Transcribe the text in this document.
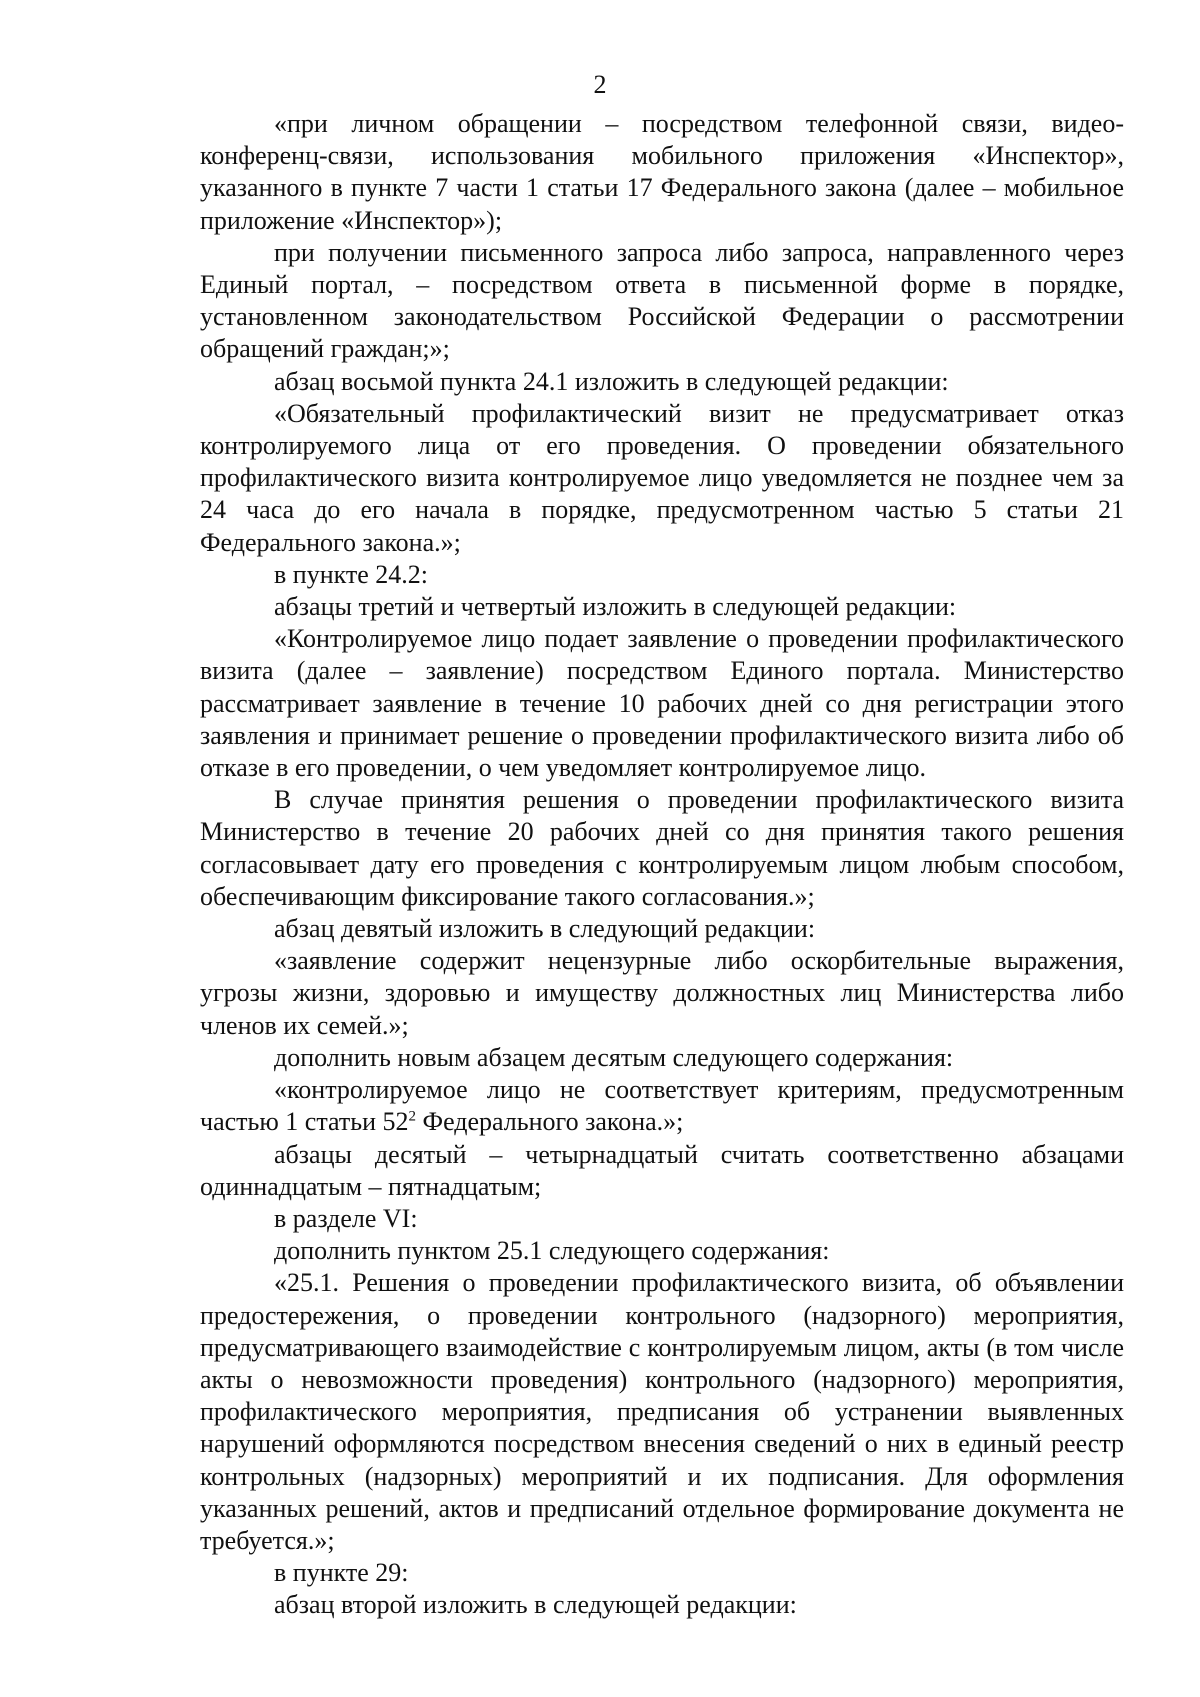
2

«при личном обращении – посредством телефонной связи, видео-конференц-связи, использования мобильного приложения «Инспектор», указанного в пункте 7 части 1 статьи 17 Федерального закона (далее – мобильное приложение «Инспектор»);

при получении письменного запроса либо запроса, направленного через Единый портал, – посредством ответа в письменной форме в порядке, установленном законодательством Российской Федерации о рассмотрении обращений граждан;»;

абзац восьмой пункта 24.1 изложить в следующей редакции:

«Обязательный профилактический визит не предусматривает отказ контролируемого лица от его проведения. О проведении обязательного профилактического визита контролируемое лицо уведомляется не позднее чем за 24 часа до его начала в порядке, предусмотренном частью 5 статьи 21 Федерального закона.»;

в пункте 24.2:

абзацы третий и четвертый изложить в следующей редакции:

«Контролируемое лицо подает заявление о проведении профилактического визита (далее – заявление) посредством Единого портала. Министерство рассматривает заявление в течение 10 рабочих дней со дня регистрации этого заявления и принимает решение о проведении профилактического визита либо об отказе в его проведении, о чем уведомляет контролируемое лицо.

В случае принятия решения о проведении профилактического визита Министерство в течение 20 рабочих дней со дня принятия такого решения согласовывает дату его проведения с контролируемым лицом любым способом, обеспечивающим фиксирование такого согласования.»;

абзац девятый изложить в следующий редакции:

«заявление содержит нецензурные либо оскорбительные выражения, угрозы жизни, здоровью и имуществу должностных лиц Министерства либо членов их семей.»;

дополнить новым абзацем десятым следующего содержания:

«контролируемое лицо не соответствует критериям, предусмотренным частью 1 статьи $52^2$ Федерального закона.»;

абзацы десятый – четырнадцатый считать соответственно абзацами одиннадцатым – пятнадцатым;

в разделе VI:

дополнить пунктом 25.1 следующего содержания:

«25.1. Решения о проведении профилактического визита, об объявлении предостережения, о проведении контрольного (надзорного) мероприятия, предусматривающего взаимодействие с контролируемым лицом, акты (в том числе акты о невозможности проведения) контрольного (надзорного) мероприятия, профилактического мероприятия, предписания об устранении выявленных нарушений оформляются посредством внесения сведений о них в единый реестр контрольных (надзорных) мероприятий и их подписания. Для оформления указанных решений, актов и предписаний отдельное формирование документа не требуется.»;

в пункте 29:

абзац второй изложить в следующей редакции:
